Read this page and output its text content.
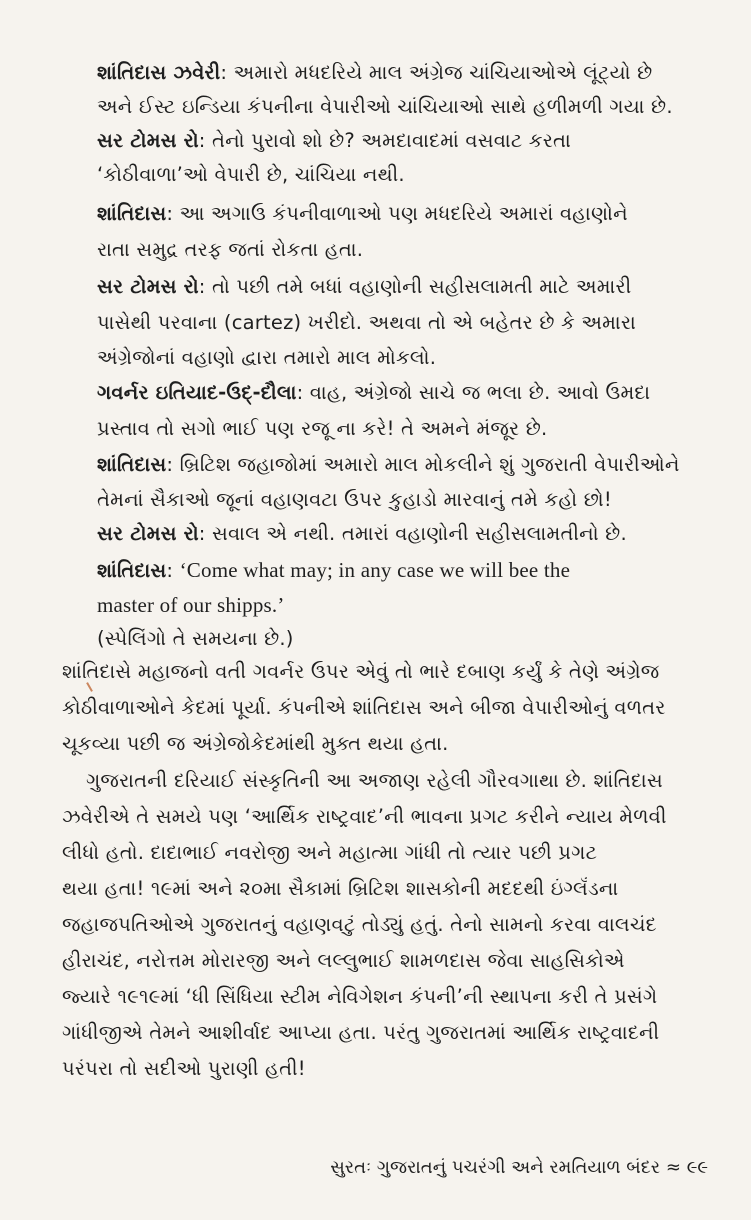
શાંતિદાસ ઝવેરી: અમારો મધદરિયે માલ અંગ્રેજ ચાંચિયાઓએ લૂંટ્યો છે
અને ઈસ્ટ ઇન્ડિયા કંપનીના વેપારીઓ ચાંચિયાઓ સાથે હળીમળી ગયા છે.
સર ટોમસ રો: તેનો પુરાવો શો છે? અમદાવાદમાં વસવાટ કરતા
‘કોઠીવાળા’ઓ વેપારી છે, ચાંચિયા નથી.
શાંતિદાસ: આ અગાઉ કંપનીવાળાઓ પણ મધદરિયે અમારાં વહાણોને
રાતા સમુદ્ર તરફ જતાં રોકતા હતા.
સર ટોમસ રો: તો પછી તમે બધાં વહાણોની સહીસલામતી માટે અમારી
પાસેથી પરવાના (cartez) ખરીદો. અથવા તો એ બહેતર છે કે અમારા
અંગ્રેજોનાં વહાણો દ્વારા તમારો માલ મોકલો.
ગવર્નર ઇતિયાદ-ઉદ્-દૌલા: વાહ, અંગ્રેજો સાચે જ ભલા છે. આવો ઉમદા
પ્રસ્તાવ તો સગો ભાઈ પણ રજૂ ના કરે! તે અમને મંજૂર છે.
શાંતિદાસ: બ્રિટિશ જહાજોમાં અમારો માલ મોકલીને શું ગુજરાતી વેપારીઓને
તેમનાં સૈકાઓ જૂનાં વહાણવટા ઉપર કુહાડો મારવાનું તમે કહો છો!
સર ટોમસ રો: સવાલ એ નથી. તમારાં વહાણોની સહીસલામતીનો છે.
શાંતિદાસ: ‘Come what may; in any case we will bee the
master of our shipps.’
(સ્પેલિંગો તે સમયના છે.)
શાંતિદાસે મહાજનો વતી ગવર્નર ઉપર એવું તો ભારે દબાણ કર્યું કે તેણે અંગ્રેજ
કોઠીવાળાઓને કેદમાં પૂર્યા. કંપનીએ શાંતિદાસ અને બીજા વેપારીઓનું વળતર
ચૂકવ્યા પછી જ અંગ્રેજોકેદમાંથી મુક્ત થયા હતા.
ગુજરાતની દરિયાઈ સંસ્કૃતિની આ અજાણ રહેલી ગૌરવગાથા છે. શાંતિદાસ
ઝવેરીએ તે સમયે પણ ‘આર્થિક રાષ્ટ્રવાદ’ની ભાવના પ્રગટ કરીને ન્યાય મેળવી
લીધો હતો. દાદાભાઈ નવરોજી અને મહાત્મા ગાંધી તો ત્યાર પછી પ્રગટ
થયા હતા! ૧૯માં અને ૨૦મા સૈકામાં બ્રિટિશ શાસકોની મદદથી ઇંગ્લૅંડના
જહાજપતિઓએ ગુજરાતનું વહાણવટું તોડ્યું હતું. તેનો સામનો કરવા વાલચંદ
હીરાચંદ, નરોત્તમ મોરારજી અને લલ્લુભાઈ શામળદાસ જેવા સાહસિકોએ
જ્યારે ૧૯૧૯માં ‘ધી સિંધિયા સ્ટીમ નેવિગેશન કંપની’ની સ્થાપના કરી તે પ્રસંગે
ગાંધીજીએ તેમને આશીર્વાદ આપ્યા હતા. પરંતુ ગુજરાતમાં આર્થિક રાષ્ટ્રવાદની
પરંપરા તો સદીઓ પુરાણી હતી!
સુરતઃ ગુજરાતનું પચરંગી અને રમતિયાળ બંદર ≈ ૯૯
